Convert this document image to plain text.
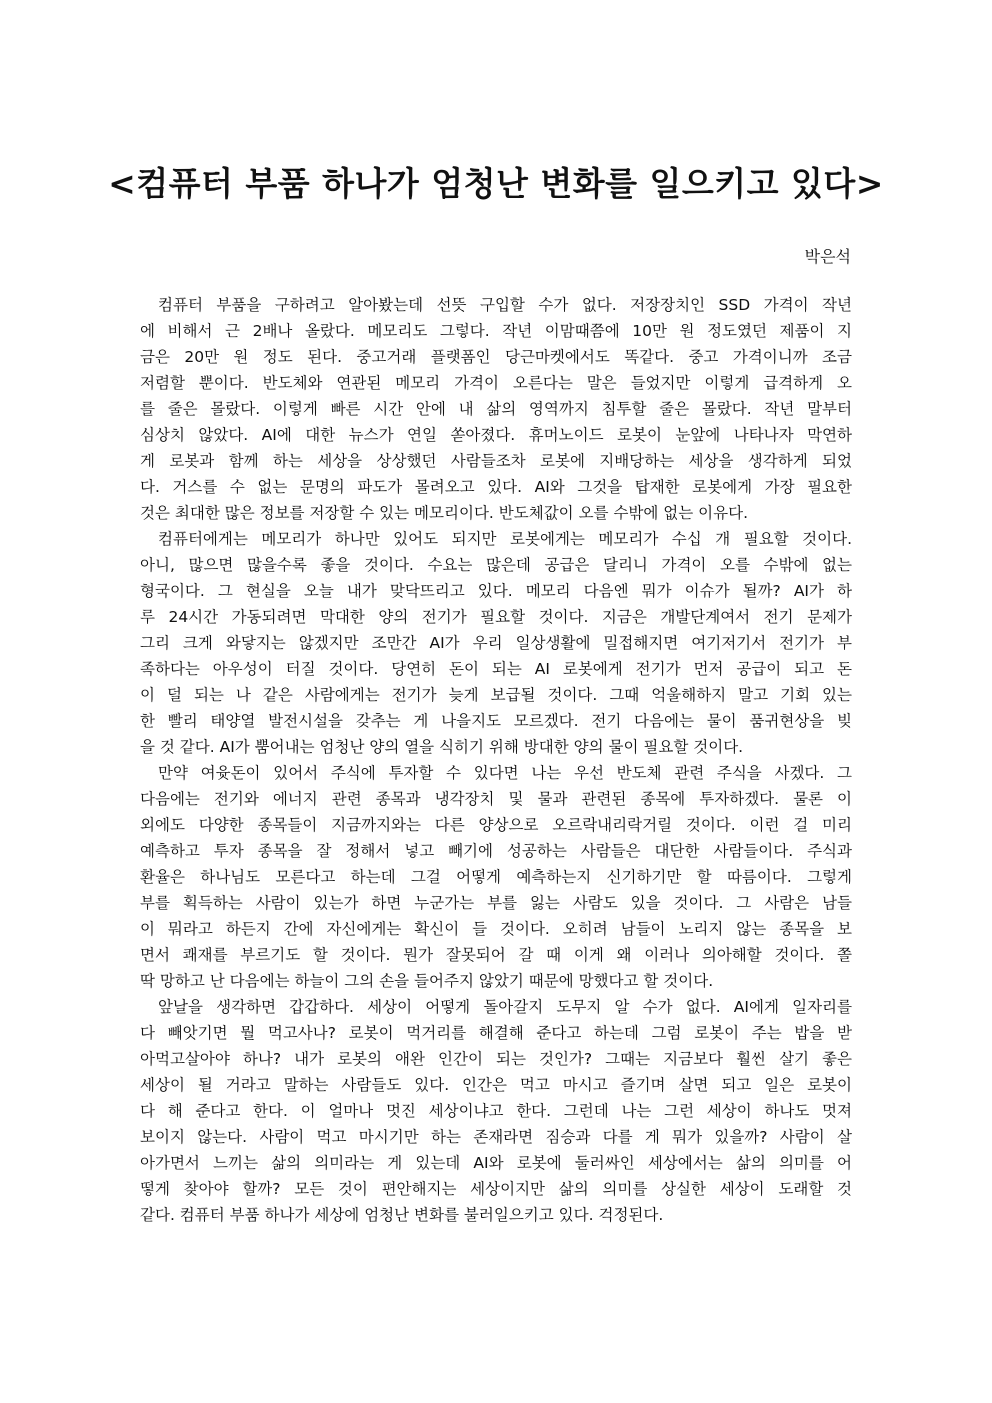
<컴퓨터 부품 하나가 엄청난 변화를 일으키고 있다>
박은석
컴퓨터 부품을 구하려고 알아봤는데 선뜻 구입할 수가 없다. 저장장치인 SSD 가격이 작년
에 비해서 근 2배나 올랐다. 메모리도 그렇다. 작년 이맘때쯤에 10만 원 정도였던 제품이 지
금은 20만 원 정도 된다. 중고거래 플랫폼인 당근마켓에서도 똑같다. 중고 가격이니까 조금
저렴할 뿐이다. 반도체와 연관된 메모리 가격이 오른다는 말은 들었지만 이렇게 급격하게 오
를 줄은 몰랐다. 이렇게 빠른 시간 안에 내 삶의 영역까지 침투할 줄은 몰랐다. 작년 말부터
심상치 않았다. AI에 대한 뉴스가 연일 쏟아졌다. 휴머노이드 로봇이 눈앞에 나타나자 막연하
게 로봇과 함께 하는 세상을 상상했던 사람들조차 로봇에 지배당하는 세상을 생각하게 되었
다. 거스를 수 없는 문명의 파도가 몰려오고 있다. AI와 그것을 탑재한 로봇에게 가장 필요한
것은 최대한 많은 정보를 저장할 수 있는 메모리이다. 반도체값이 오를 수밖에 없는 이유다.
컴퓨터에게는 메모리가 하나만 있어도 되지만 로봇에게는 메모리가 수십 개 필요할 것이다.
아니, 많으면 많을수록 좋을 것이다. 수요는 많은데 공급은 달리니 가격이 오를 수밖에 없는
형국이다. 그 현실을 오늘 내가 맞닥뜨리고 있다. 메모리 다음엔 뭐가 이슈가 될까? AI가 하
루 24시간 가동되려면 막대한 양의 전기가 필요할 것이다. 지금은 개발단계여서 전기 문제가
그리 크게 와닿지는 않겠지만 조만간 AI가 우리 일상생활에 밀접해지면 여기저기서 전기가 부
족하다는 아우성이 터질 것이다. 당연히 돈이 되는 AI 로봇에게 전기가 먼저 공급이 되고 돈
이 덜 되는 나 같은 사람에게는 전기가 늦게 보급될 것이다. 그때 억울해하지 말고 기회 있는
한 빨리 태양열 발전시설을 갖추는 게 나을지도 모르겠다. 전기 다음에는 물이 품귀현상을 빚
을 것 같다. AI가 뿜어내는 엄청난 양의 열을 식히기 위해 방대한 양의 물이 필요할 것이다.
만약 여윳돈이 있어서 주식에 투자할 수 있다면 나는 우선 반도체 관련 주식을 사겠다. 그
다음에는 전기와 에너지 관련 종목과 냉각장치 및 물과 관련된 종목에 투자하겠다. 물론 이
외에도 다양한 종목들이 지금까지와는 다른 양상으로 오르락내리락거릴 것이다. 이런 걸 미리
예측하고 투자 종목을 잘 정해서 넣고 빼기에 성공하는 사람들은 대단한 사람들이다. 주식과
환율은 하나님도 모른다고 하는데 그걸 어떻게 예측하는지 신기하기만 할 따름이다. 그렇게
부를 획득하는 사람이 있는가 하면 누군가는 부를 잃는 사람도 있을 것이다. 그 사람은 남들
이 뭐라고 하든지 간에 자신에게는 확신이 들 것이다. 오히려 남들이 노리지 않는 종목을 보
면서 쾌재를 부르기도 할 것이다. 뭔가 잘못되어 갈 때 이게 왜 이러나 의아해할 것이다. 쫄
딱 망하고 난 다음에는 하늘이 그의 손을 들어주지 않았기 때문에 망했다고 할 것이다.
앞날을 생각하면 갑갑하다. 세상이 어떻게 돌아갈지 도무지 알 수가 없다. AI에게 일자리를
다 빼앗기면 뭘 먹고사나? 로봇이 먹거리를 해결해 준다고 하는데 그럼 로봇이 주는 밥을 받
아먹고살아야 하나? 내가 로봇의 애완 인간이 되는 것인가? 그때는 지금보다 훨씬 살기 좋은
세상이 될 거라고 말하는 사람들도 있다. 인간은 먹고 마시고 즐기며 살면 되고 일은 로봇이
다 해 준다고 한다. 이 얼마나 멋진 세상이냐고 한다. 그런데 나는 그런 세상이 하나도 멋져
보이지 않는다. 사람이 먹고 마시기만 하는 존재라면 짐승과 다를 게 뭐가 있을까? 사람이 살
아가면서 느끼는 삶의 의미라는 게 있는데 AI와 로봇에 둘러싸인 세상에서는 삶의 의미를 어
떻게 찾아야 할까? 모든 것이 편안해지는 세상이지만 삶의 의미를 상실한 세상이 도래할 것
같다. 컴퓨터 부품 하나가 세상에 엄청난 변화를 불러일으키고 있다. 걱정된다.
